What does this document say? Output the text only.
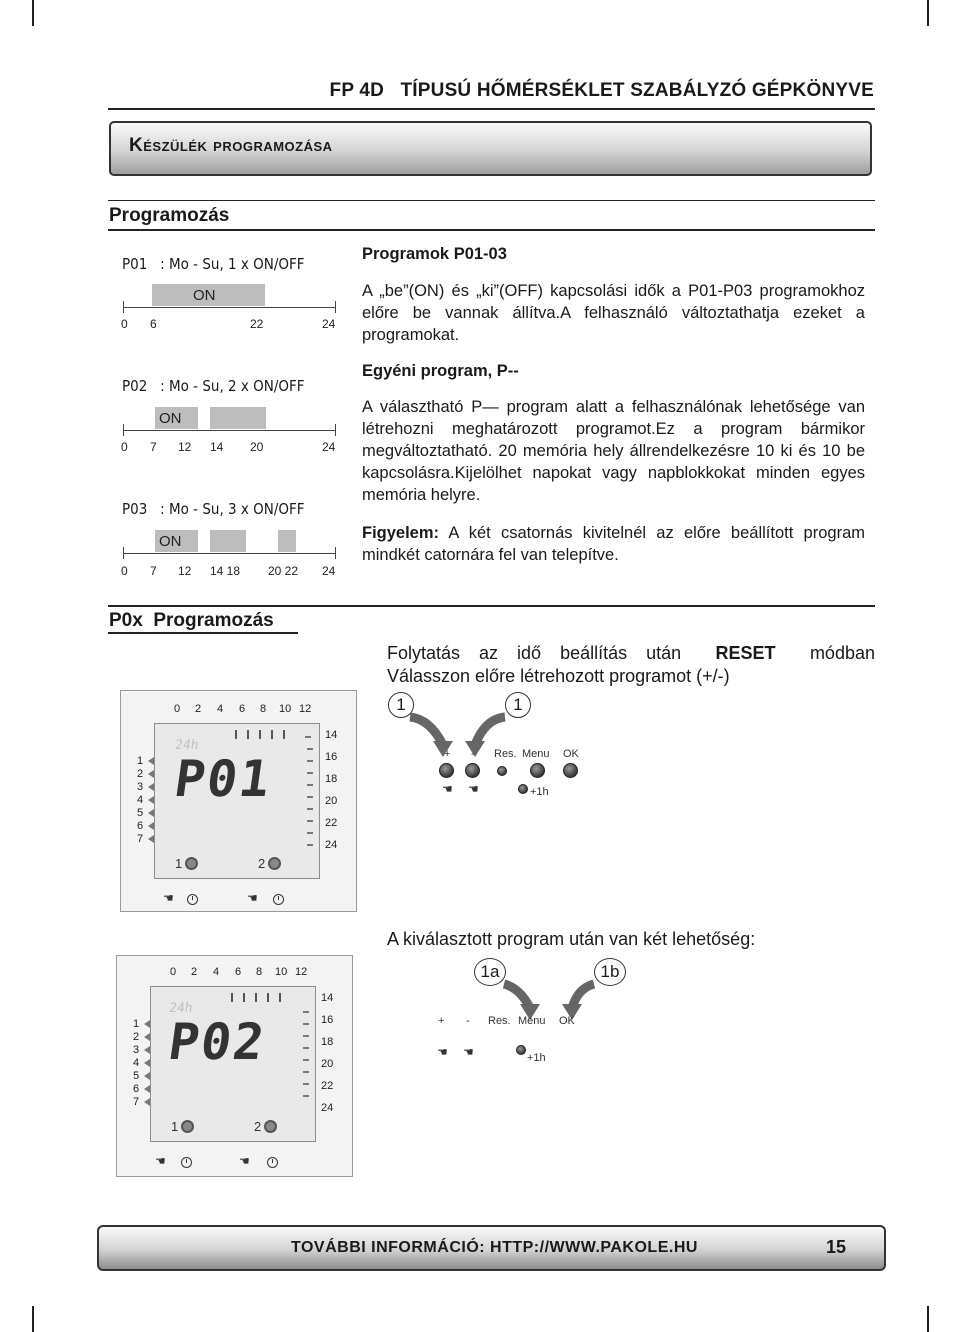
FP 4D   TÍPUSÚ HŐMÉRSÉKLET SZABÁLYZÓ GÉPKÖNYVE
Készülék programozása
Programozás
P01   : Mo - Su, 1 x ON/OFF
ON
0 6	22	24
P02   : Mo - Su, 2 x ON/OFF
ON
0 7 12 14 20	24
P03   : Mo - Su, 3 x ON/OFF
ON
0 7 12 14 18 20 22 24
Programok P01-03
A „be”(ON) és „ki”(OFF) kapcsolási idők a P01-P03 programokhoz előre be vannak állítva.A felhasználó változtathatja ezeket a programokat.
Egyéni program, P--
A választható P— program alatt a felhasználónak lehetősége van létrehozni meghatározott programot.Ez a program bármikor megváltoztatható. 20 memória hely állrendelkezésre 10 ki és 10 be kapcsolásra.Kijelölhet napokat vagy napblokkokat minden egyes memória helyre.
Figyelem: A két csatornás kivitelnél az előre beállított program mindkét catornára fel van telepítve.
P0x  Programozás
Folytatás az idő beállítás után RESET módban
Válasszon előre létrehozott programot (+/-)
0 2 4 6 8 10 12
24h
P01
1	2
1
2
3
4
5
6
7
14
16
18
20
22
24
☚	☚
1	1
+ - Res. Menu OK
+1h
☚ ☚
A kiválasztott program után van két lehetőség:
0 2 4 6 8 10 12
24h
P02
1	2
1
2
3
4
5
6
7
14
16
18
20
22
24
☚	☚
1a	1b
+ - Res. Menu OK
+1h
☚ ☚
TOVÁBBI INFORMÁCIÓ: HTTP://WWW.PAKOLE.HU	15
